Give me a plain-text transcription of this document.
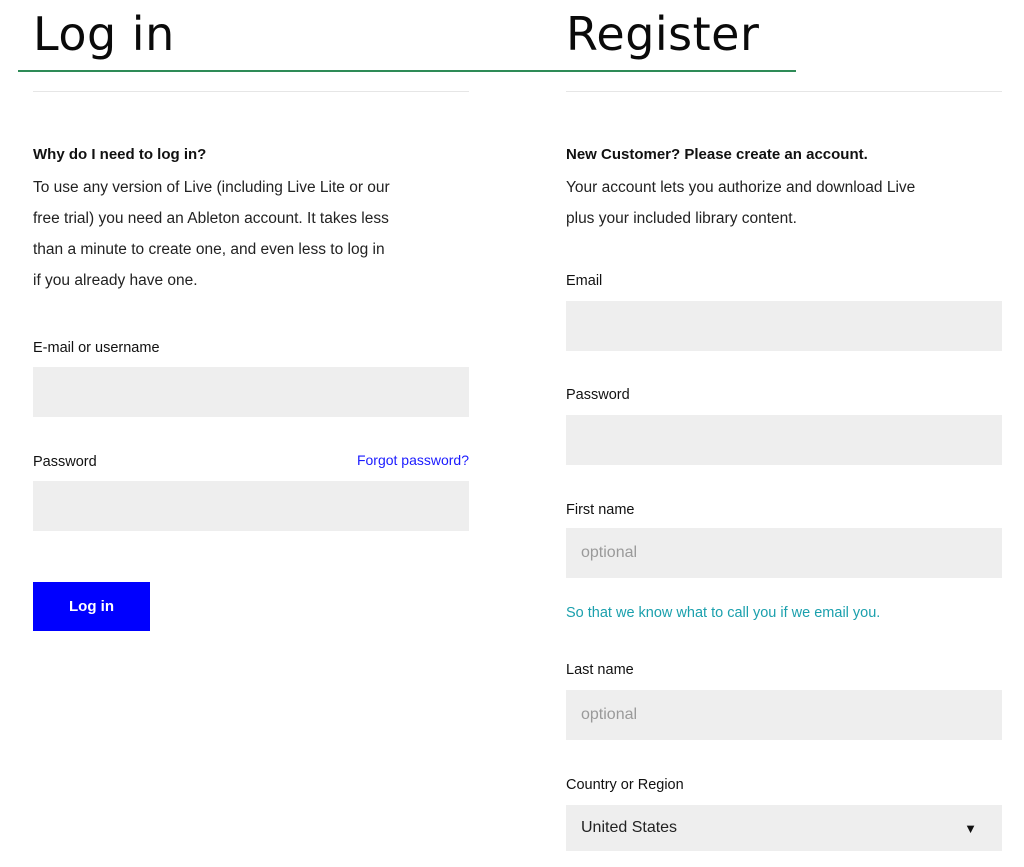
Log in	Register
Why do I need to log in?
To use any version of Live (including Live Lite or our
free trial) you need an Ableton account. It takes less
than a minute to create one, and even less to log in
if you already have one.
E-mail or username
Password	Forgot password?
Log in
New Customer? Please create an account.
Your account lets you authorize and download Live
plus your included library content.
Email
Password
First name
optional
So that we know what to call you if we email you.
Last name
optional
Country or Region
United States	▼
